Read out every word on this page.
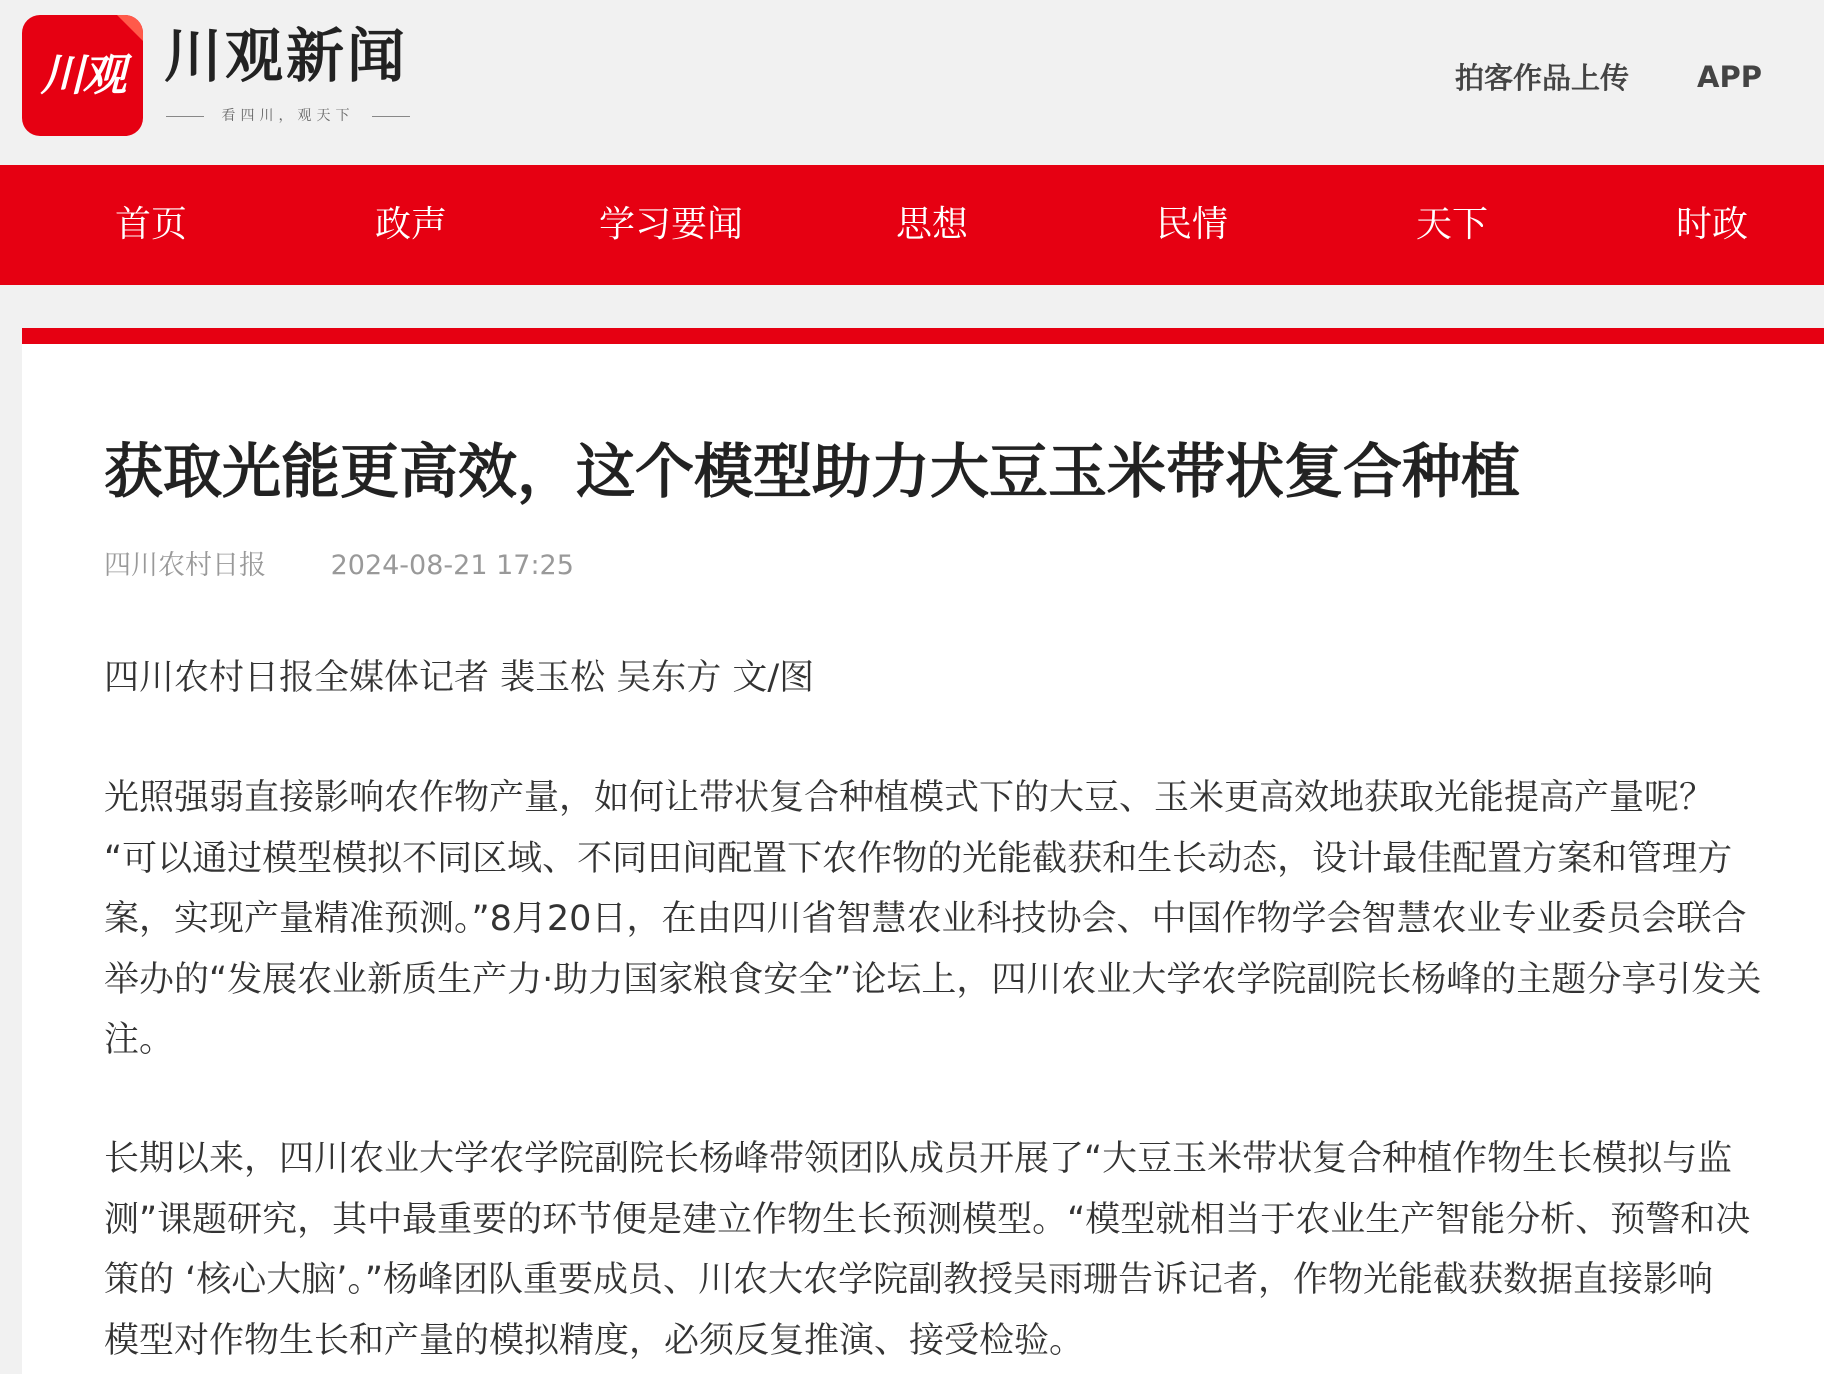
川观 川观新闻
看四川，观天下
拍客作品上传 APP
首页	政声	学习要闻	思想	民情	天下	时政
获取光能更高效，这个模型助力大豆玉米带状复合种植
四川农村日报 2024-08-21 17:25
四川农村日报全媒体记者 裴玉松 吴东方 文/图

光照强弱直接影响农作物产量，如何让带状复合种植模式下的大豆、玉米更高效地获取光能提高产量呢？
“可以通过模型模拟不同区域、不同田间配置下农作物的光能截获和生长动态，设计最佳配置方案和管理方
案，实现产量精准预测。”8月20日，在由四川省智慧农业科技协会、中国作物学会智慧农业专业委员会联合
举办的“发展农业新质生产力·助力国家粮食安全”论坛上，四川农业大学农学院副院长杨峰的主题分享引发关
注。

长期以来，四川农业大学农学院副院长杨峰带领团队成员开展了“大豆玉米带状复合种植作物生长模拟与监
测”课题研究，其中最重要的环节便是建立作物生长预测模型。“模型就相当于农业生产智能分析、预警和决
策的 ‘核心大脑’。”杨峰团队重要成员、川农大农学院副教授吴雨珊告诉记者，作物光能截获数据直接影响
模型对作物生长和产量的模拟精度，必须反复推演、接受检验。
